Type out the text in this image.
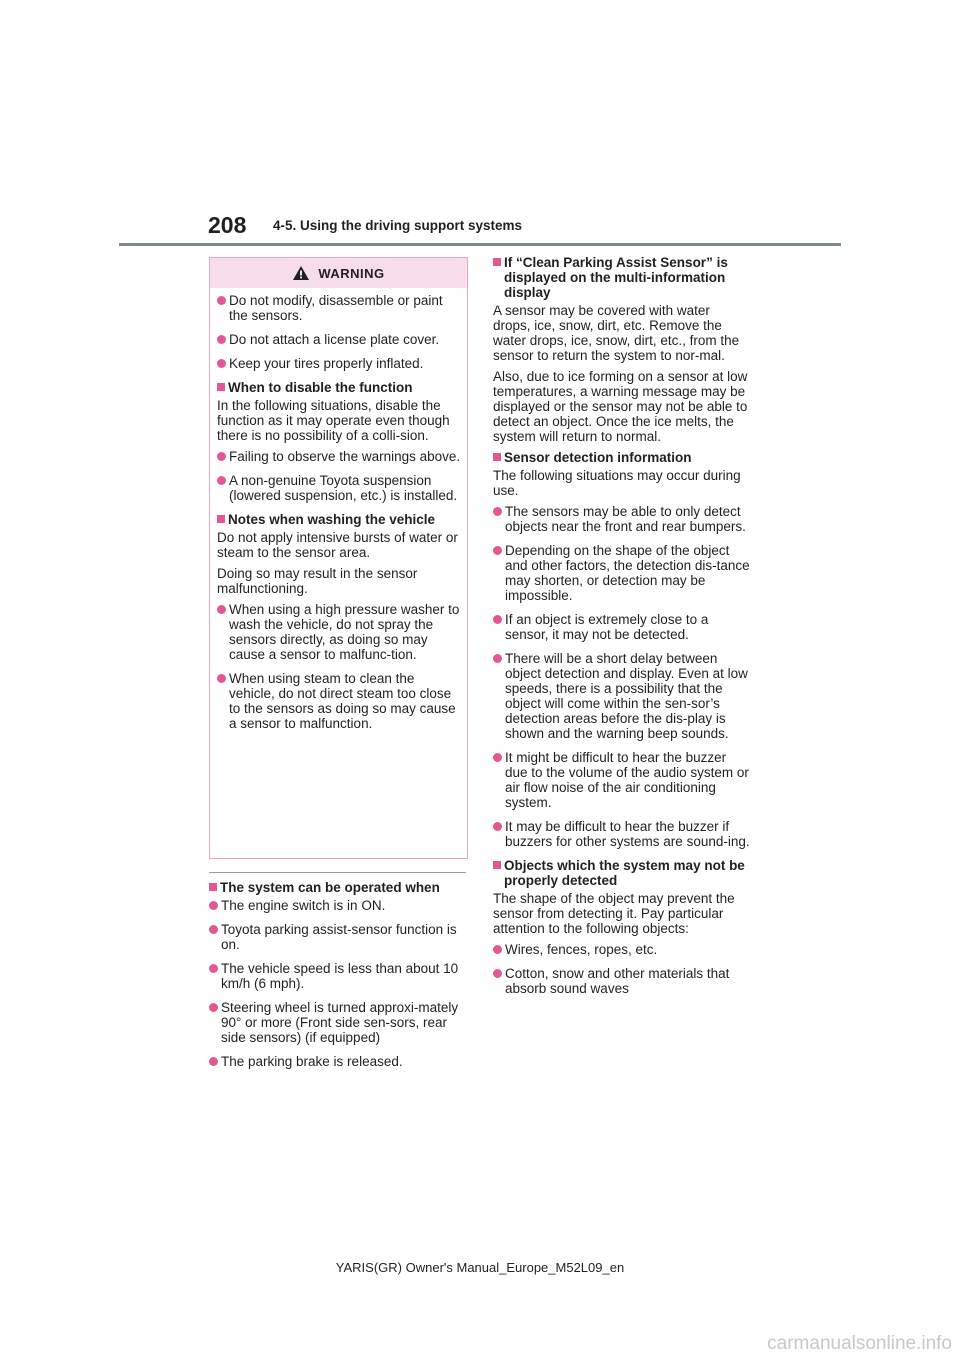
208 4-5. Using the driving support systems
WARNING
Do not modify, disassemble or paint the sensors.
Do not attach a license plate cover.
Keep your tires properly inflated.
When to disable the function
In the following situations, disable the function as it may operate even though there is no possibility of a colli-sion.
Failing to observe the warnings above.
A non-genuine Toyota suspension (lowered suspension, etc.) is installed.
Notes when washing the vehicle
Do not apply intensive bursts of water or steam to the sensor area.
Doing so may result in the sensor malfunctioning.
When using a high pressure washer to wash the vehicle, do not spray the sensors directly, as doing so may cause a sensor to malfunc-tion.
When using steam to clean the vehicle, do not direct steam too close to the sensors as doing so may cause a sensor to malfunction.
The system can be operated when
The engine switch is in ON.
Toyota parking assist-sensor function is on.
The vehicle speed is less than about 10 km/h (6 mph).
Steering wheel is turned approxi-mately 90° or more (Front side sen-sors, rear side sensors) (if equipped)
The parking brake is released.
If “Clean Parking Assist Sensor” is displayed on the multi-information display
A sensor may be covered with water drops, ice, snow, dirt, etc. Remove the water drops, ice, snow, dirt, etc., from the sensor to return the system to nor-mal.
Also, due to ice forming on a sensor at low temperatures, a warning message may be displayed or the sensor may not be able to detect an object. Once the ice melts, the system will return to normal.
Sensor detection information
The following situations may occur during use.
The sensors may be able to only detect objects near the front and rear bumpers.
Depending on the shape of the object and other factors, the detection dis-tance may shorten, or detection may be impossible.
If an object is extremely close to a sensor, it may not be detected.
There will be a short delay between object detection and display. Even at low speeds, there is a possibility that the object will come within the sen-sor’s detection areas before the dis-play is shown and the warning beep sounds.
It might be difficult to hear the buzzer due to the volume of the audio system or air flow noise of the air conditioning system.
It may be difficult to hear the buzzer if buzzers for other systems are sound-ing.
Objects which the system may not be properly detected
The shape of the object may prevent the sensor from detecting it. Pay particular attention to the following objects:
Wires, fences, ropes, etc.
Cotton, snow and other materials that absorb sound waves
YARIS(GR) Owner's Manual_Europe_M52L09_en
carmanualsonline.info
